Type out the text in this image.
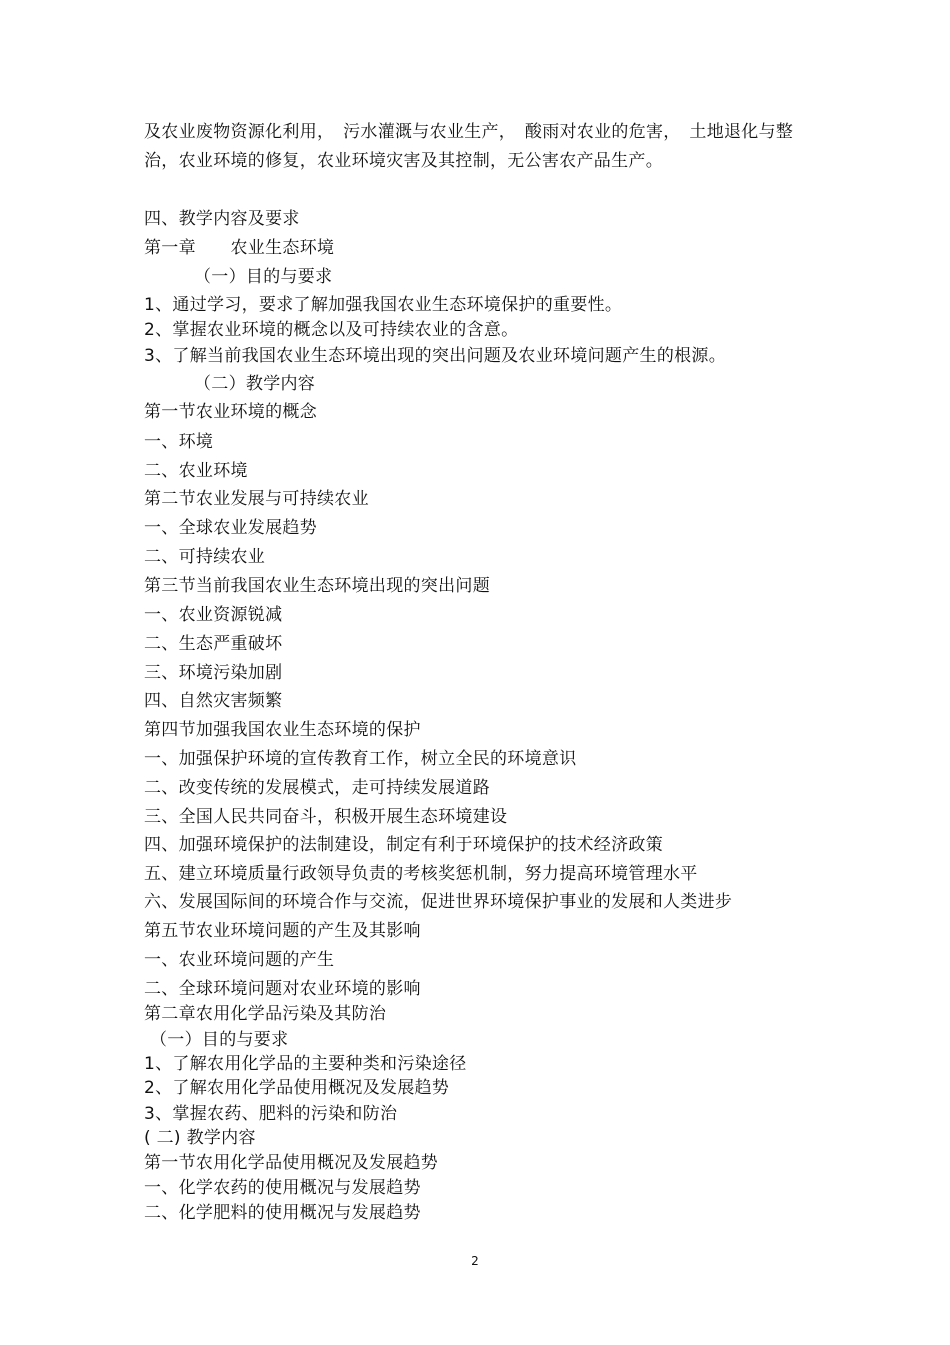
及农业废物资源化利用，　污水灌溉与农业生产，　酸雨对农业的危害，　土地退化与整治，农业环境的修复，农业环境灾害及其控制，无公害农产品生产。
四、教学内容及要求
第一章　　农业生态环境
（一）目的与要求
1、通过学习，要求了解加强我国农业生态环境保护的重要性。
2、掌握农业环境的概念以及可持续农业的含意。
3、了解当前我国农业生态环境出现的突出问题及农业环境问题产生的根源。
（二）教学内容
第一节农业环境的概念
一、环境
二、农业环境
第二节农业发展与可持续农业
一、全球农业发展趋势
二、可持续农业
第三节当前我国农业生态环境出现的突出问题
一、农业资源锐减
二、生态严重破坏
三、环境污染加剧
四、自然灾害频繁
第四节加强我国农业生态环境的保护
一、加强保护环境的宣传教育工作，树立全民的环境意识
二、改变传统的发展模式，走可持续发展道路
三、全国人民共同奋斗，积极开展生态环境建设
四、加强环境保护的法制建设，制定有利于环境保护的技术经济政策
五、建立环境质量行政领导负责的考核奖惩机制，努力提高环境管理水平
六、发展国际间的环境合作与交流，促进世界环境保护事业的发展和人类进步
第五节农业环境问题的产生及其影响
一、农业环境问题的产生
二、全球环境问题对农业环境的影响
第二章农用化学品污染及其防治
（一）目的与要求
1、了解农用化学品的主要种类和污染途径
2、了解农用化学品使用概况及发展趋势
3、掌握农药、肥料的污染和防治
( 二) 教学内容
第一节农用化学品使用概况及发展趋势
一、化学农药的使用概况与发展趋势
二、化学肥料的使用概况与发展趋势
2
